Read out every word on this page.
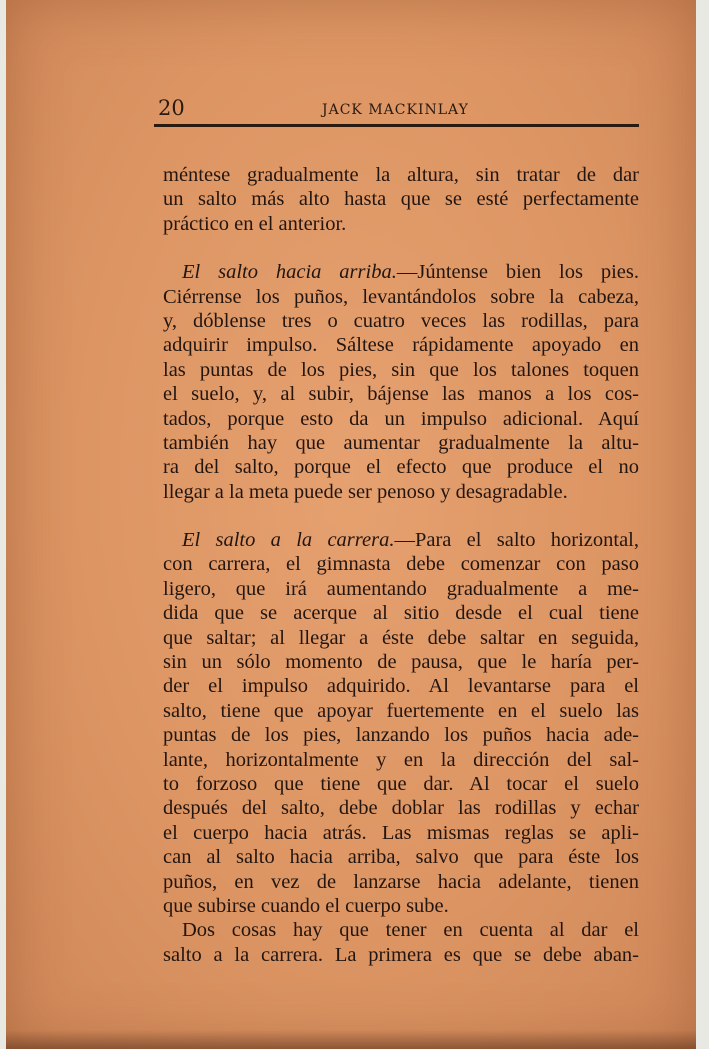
20	JACK MACKINLAY
méntese gradualmente la altura, sin tratar de dar
un salto más alto hasta que se esté perfectamente
práctico en el anterior.
El salto hacia arriba.—Júntense bien los pies.
Ciérrense los puños, levantándolos sobre la cabeza,
y, dóblense tres o cuatro veces las rodillas, para
adquirir impulso. Sáltese rápidamente apoyado en
las puntas de los pies, sin que los talones toquen
el suelo, y, al subir, bájense las manos a los cos-
tados, porque esto da un impulso adicional. Aquí
también hay que aumentar gradualmente la altu-
ra del salto, porque el efecto que produce el no
llegar a la meta puede ser penoso y desagradable.
El salto a la carrera.—Para el salto horizontal,
con carrera, el gimnasta debe comenzar con paso
ligero, que irá aumentando gradualmente a me-
dida que se acerque al sitio desde el cual tiene
que saltar; al llegar a éste debe saltar en seguida,
sin un sólo momento de pausa, que le haría per-
der el impulso adquirido. Al levantarse para el
salto, tiene que apoyar fuertemente en el suelo las
puntas de los pies, lanzando los puños hacia ade-
lante, horizontalmente y en la dirección del sal-
to forzoso que tiene que dar. Al tocar el suelo
después del salto, debe doblar las rodillas y echar
el cuerpo hacia atrás. Las mismas reglas se apli-
can al salto hacia arriba, salvo que para éste los
puños, en vez de lanzarse hacia adelante, tienen
que subirse cuando el cuerpo sube.
Dos cosas hay que tener en cuenta al dar el
salto a la carrera. La primera es que se debe aban-
